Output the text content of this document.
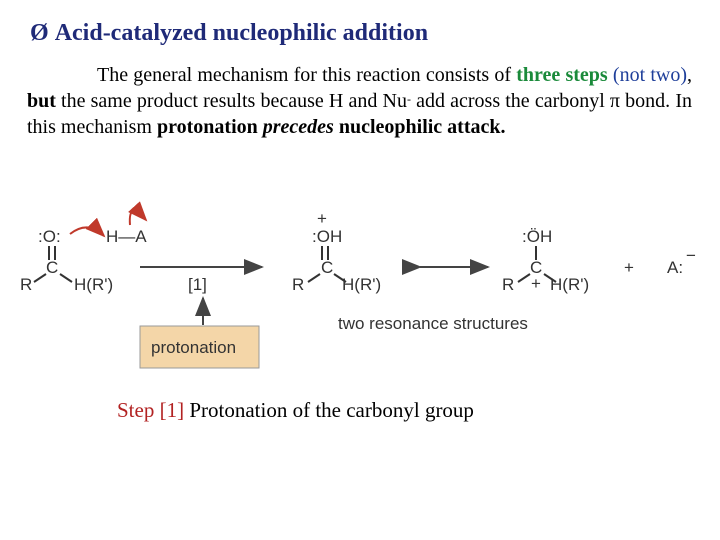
Ø Acid-catalyzed nucleophilic addition
The general mechanism for this reaction consists of three steps (not two), but the same product results because H and Nu- add across the carbonyl π bond. In this mechanism protonation precedes nucleophilic attack.
:O:
C
R H(R')
H—A
[1]
protonation
+
:OH
C
R H(R')
:ÖH
C
R + H(R')
+ A:
−
two resonance structures
Step [1] Protonation of the carbonyl group
